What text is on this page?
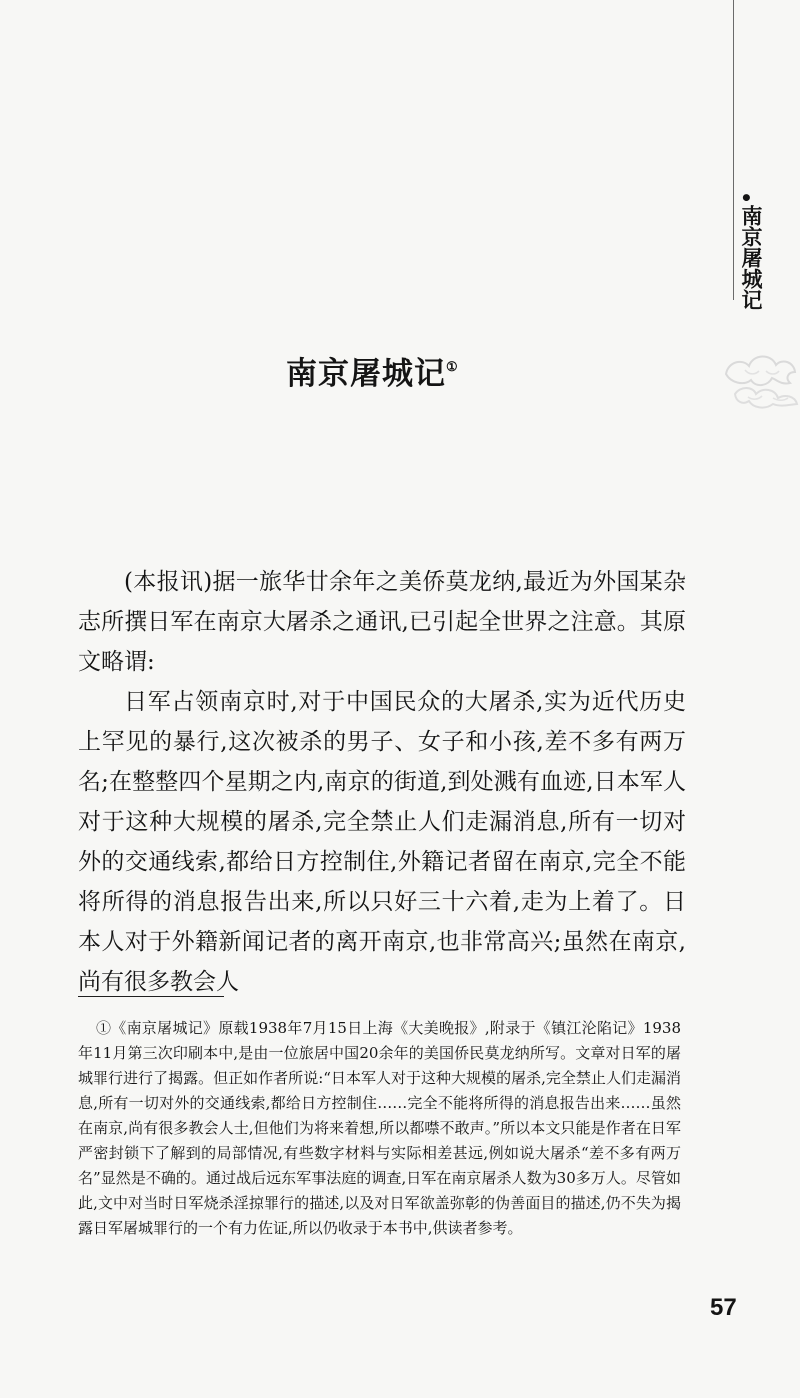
•
南京屠城记
南京屠城记①

(本报讯)据一旅华廿余年之美侨莫龙纳,最近为外国某杂志所撰日军在南京大屠杀之通讯,已引起全世界之注意。其原文略谓:

日军占领南京时,对于中国民众的大屠杀,实为近代历史上罕见的暴行,这次被杀的男子、女子和小孩,差不多有两万名;在整整四个星期之内,南京的街道,到处溅有血迹,日本军人对于这种大规模的屠杀,完全禁止人们走漏消息,所有一切对外的交通线索,都给日方控制住,外籍记者留在南京,完全不能将所得的消息报告出来,所以只好三十六着,走为上着了。日本人对于外籍新闻记者的离开南京,也非常高兴;虽然在南京,尚有很多教会人

①《南京屠城记》原载1938年7月15日上海《大美晚报》,附录于《镇江沦陷记》1938年11月第三次印刷本中,是由一位旅居中国20余年的美国侨民莫龙纳所写。文章对日军的屠城罪行进行了揭露。但正如作者所说:“日本军人对于这种大规模的屠杀,完全禁止人们走漏消息,所有一切对外的交通线索,都给日方控制住……完全不能将所得的消息报告出来……虽然在南京,尚有很多教会人士,但他们为将来着想,所以都噤不敢声。”所以本文只能是作者在日军严密封锁下了解到的局部情况,有些数字材料与实际相差甚远,例如说大屠杀“差不多有两万名”显然是不确的。通过战后远东军事法庭的调查,日军在南京屠杀人数为30多万人。尽管如此,文中对当时日军烧杀淫掠罪行的描述,以及对日军欲盖弥彰的伪善面目的描述,仍不失为揭露日军屠城罪行的一个有力佐证,所以仍收录于本书中,供读者参考。

57
